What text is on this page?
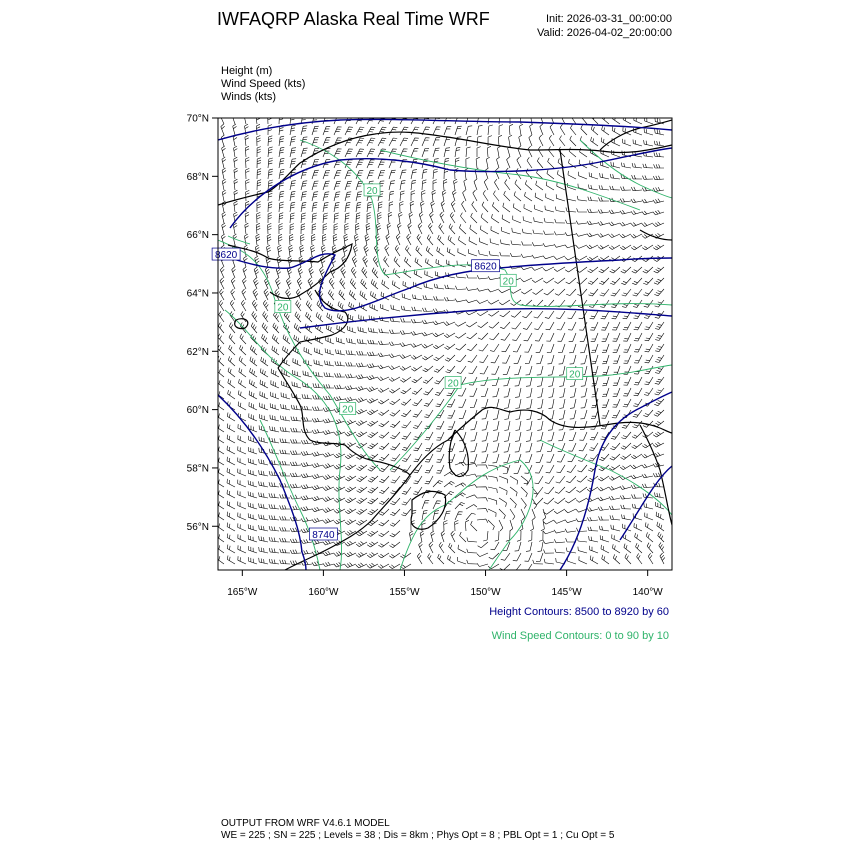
IWFAQRP Alaska Real Time WRF	Init: 2026-03-31_00:00:00
Valid: 2026-04-02_20:00:00
Height (m)
Wind Speed (kts)
Winds (kts)
8620
8620
8740
20
20
20
20
20
20
70°N
68°N
66°N
64°N
62°N
60°N
58°N
56°N
165°W	160°W	155°W	150°W	145°W	140°W
Height Contours: 8500 to 8920 by 60
Wind Speed Contours: 0 to 90 by 10
OUTPUT FROM WRF V4.6.1 MODEL
WE = 225 ; SN = 225 ; Levels = 38 ; Dis = 8km ; Phys Opt = 8 ; PBL Opt = 1 ; Cu Opt = 5
